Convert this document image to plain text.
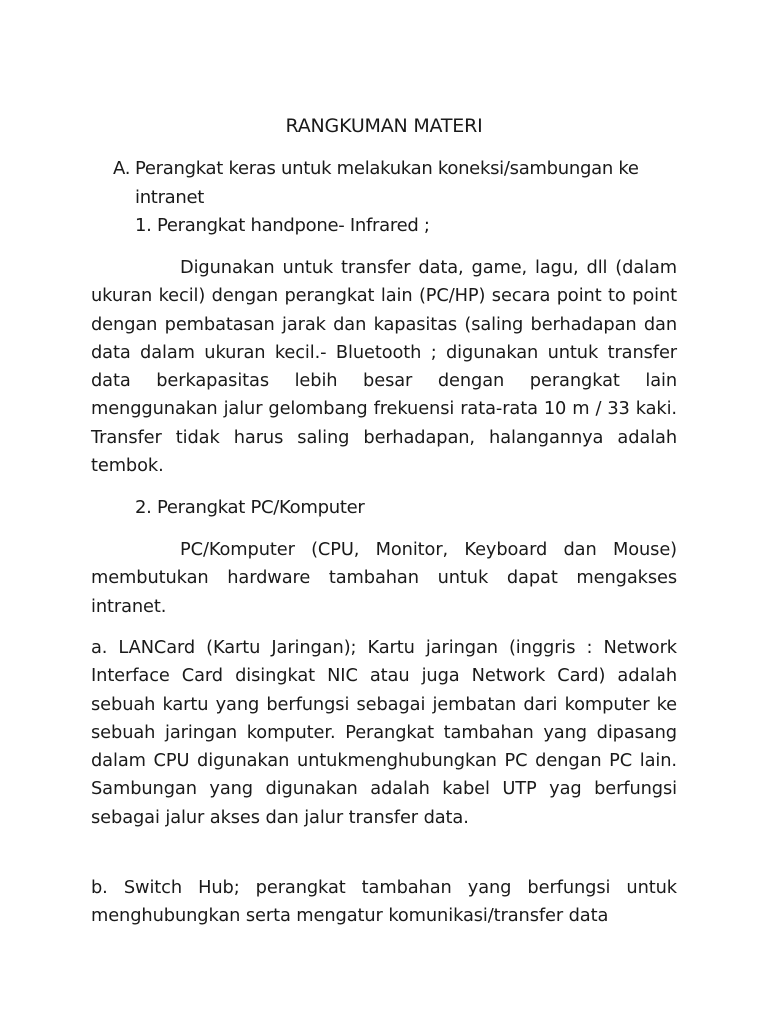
RANGKUMAN MATERI
A. Perangkat keras untuk melakukan koneksi/sambungan ke intranet
1. Perangkat handpone- Infrared ;

Digunakan untuk transfer data, game, lagu, dll (dalam ukuran kecil) dengan perangkat lain (PC/HP) secara point to point dengan pembatasan jarak dan kapasitas (saling berhadapan dan data dalam ukuran kecil.- Bluetooth ; digunakan untuk transfer data berkapasitas lebih besar dengan perangkat lain menggunakan jalur gelombang frekuensi rata-rata 10 m / 33 kaki. Transfer tidak harus saling berhadapan, halangannya adalah tembok.

2. Perangkat PC/Komputer

PC/Komputer (CPU, Monitor, Keyboard dan Mouse) membutukan hardware tambahan untuk dapat mengakses intranet.

a. LANCard (Kartu Jaringan); Kartu jaringan (inggris : Network Interface Card disingkat NIC atau juga Network Card) adalah sebuah kartu yang berfungsi sebagai jembatan dari komputer ke sebuah jaringan komputer. Perangkat tambahan yang dipasang dalam CPU digunakan untukmenghubungkan PC dengan PC lain. Sambungan yang digunakan adalah kabel UTP yag berfungsi sebagai jalur akses dan jalur transfer data.

b. Switch Hub; perangkat tambahan yang berfungsi untuk menghubungkan serta mengatur komunikasi/transfer data
